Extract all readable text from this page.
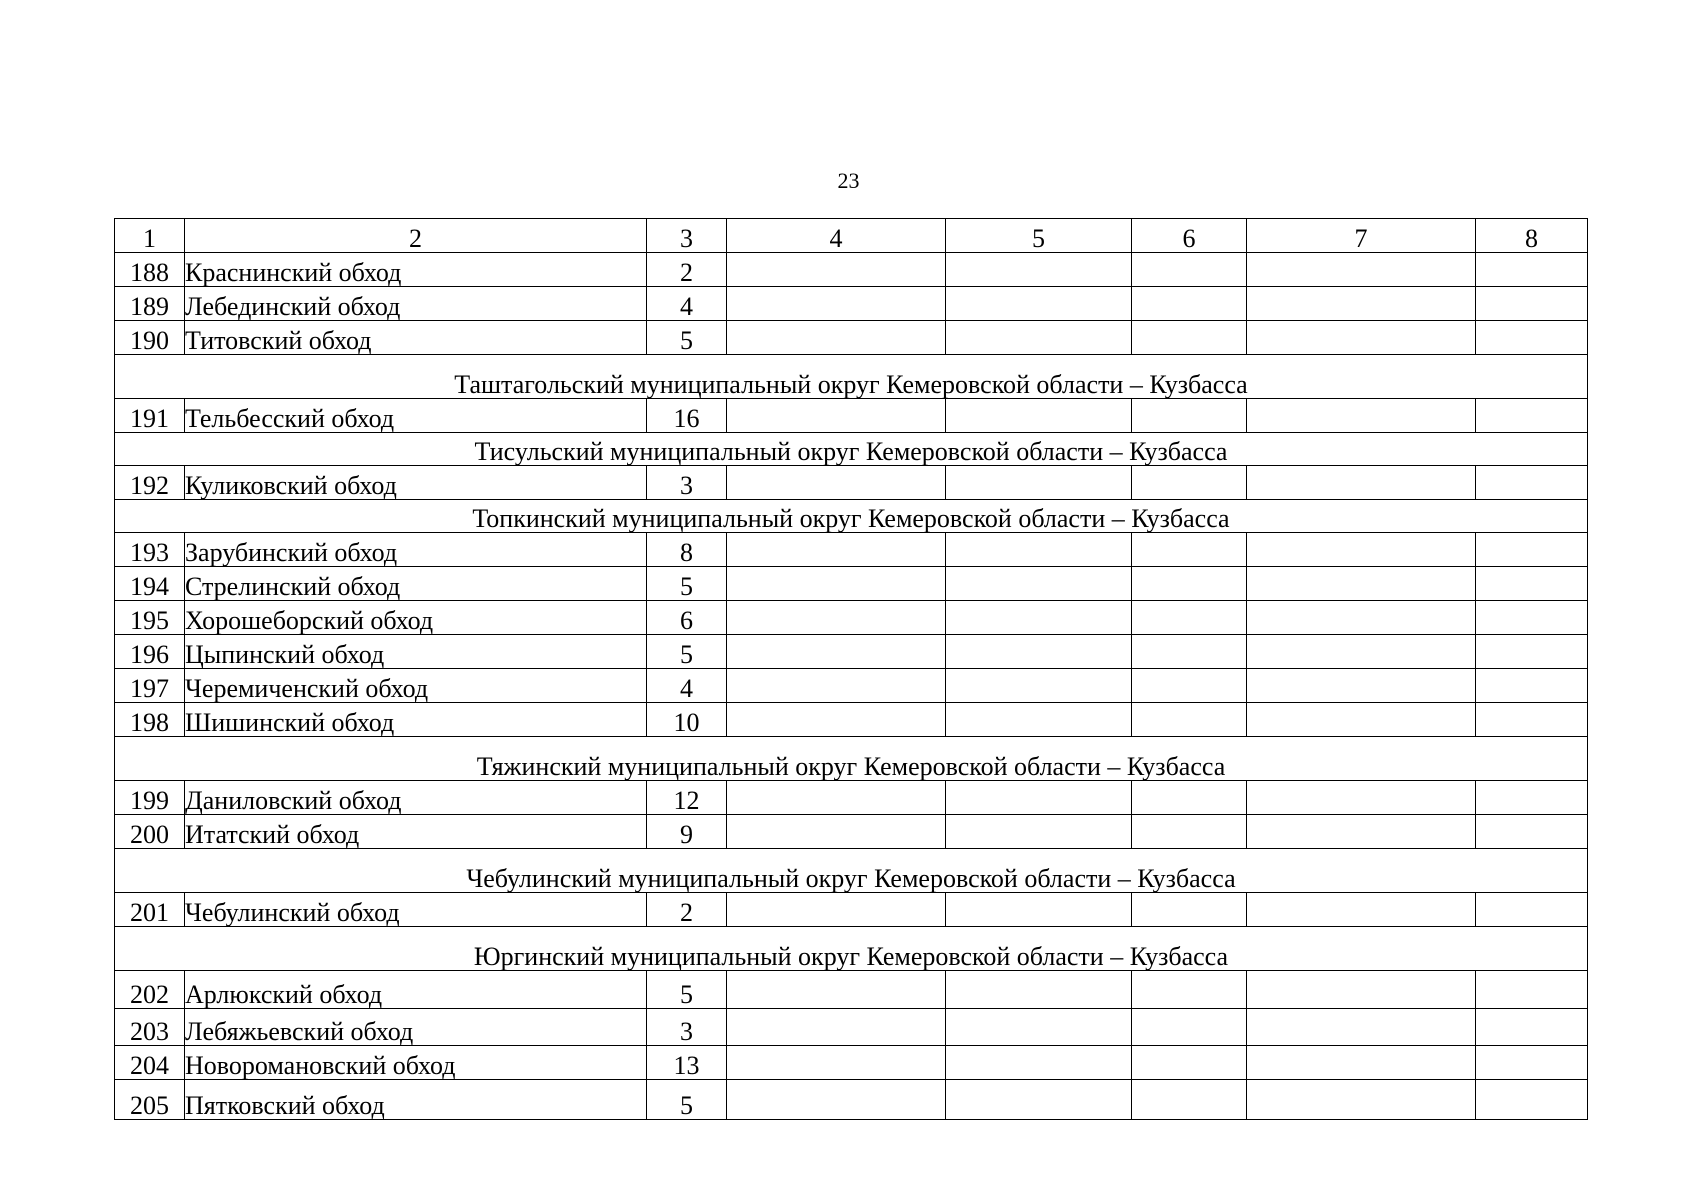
23
1	2	3	4	5	6	7	8
188	Краснинский обход	2					
189	Лебединский обход	4					
190	Титовский обход	5					
Таштагольский муниципальный округ Кемеровской области – Кузбасса							
191	Тельбесский обход	16					
Тисульский муниципальный округ Кемеровской области – Кузбасса							
192	Куликовский обход	3					
Топкинский муниципальный округ Кемеровской области – Кузбасса							
193	Зарубинский обход	8					
194	Стрелинский обход	5					
195	Хорошеборский обход	6					
196	Цыпинский обход	5					
197	Черемиченский обход	4					
198	Шишинский обход	10					
Тяжинский муниципальный округ Кемеровской области – Кузбасса							
199	Даниловский обход	12					
200	Итатский обход	9					
Чебулинский муниципальный округ Кемеровской области – Кузбасса							
201	Чебулинский обход	2					
Юргинский муниципальный округ Кемеровской области – Кузбасса							
202	Арлюкский обход	5					
203	Лебяжьевский обход	3					
204	Новоромановский обход	13					
205	Пятковский обход	5					
